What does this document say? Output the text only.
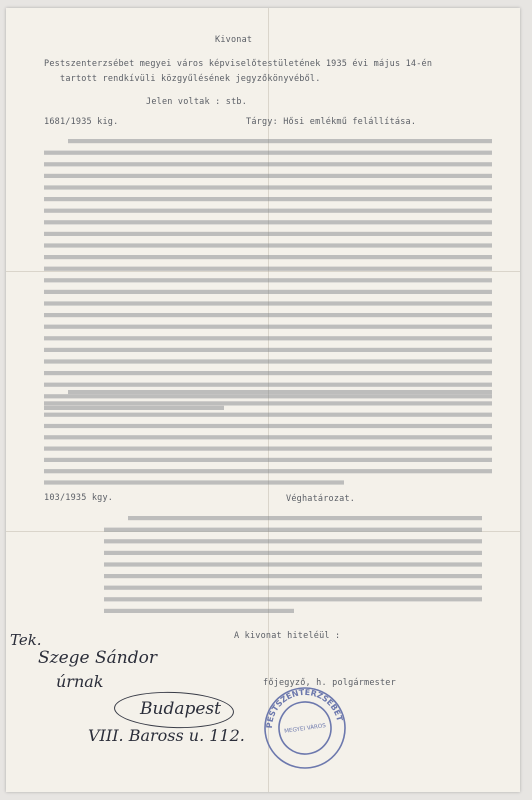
Kivonat
Pestszenterzsébet megyei város képviselőtestületének 1935 évi május 14-én
tartott rendkívüli közgyűlésének jegyzőkönyvéből.
Jelen voltak : stb.
1681/1935 kig.	Tárgy: Hősi emlékmű felállítása.
103/1935 kgy.	Véghatározat.
A kivonat hiteléül :
főjegyző, h. polgármester
Tek.
Szege Sándor
úrnak
Budapest
VIII. Baross u. 112.
PESTSZENTERZSÉBET
MEGYEI VÁROS
